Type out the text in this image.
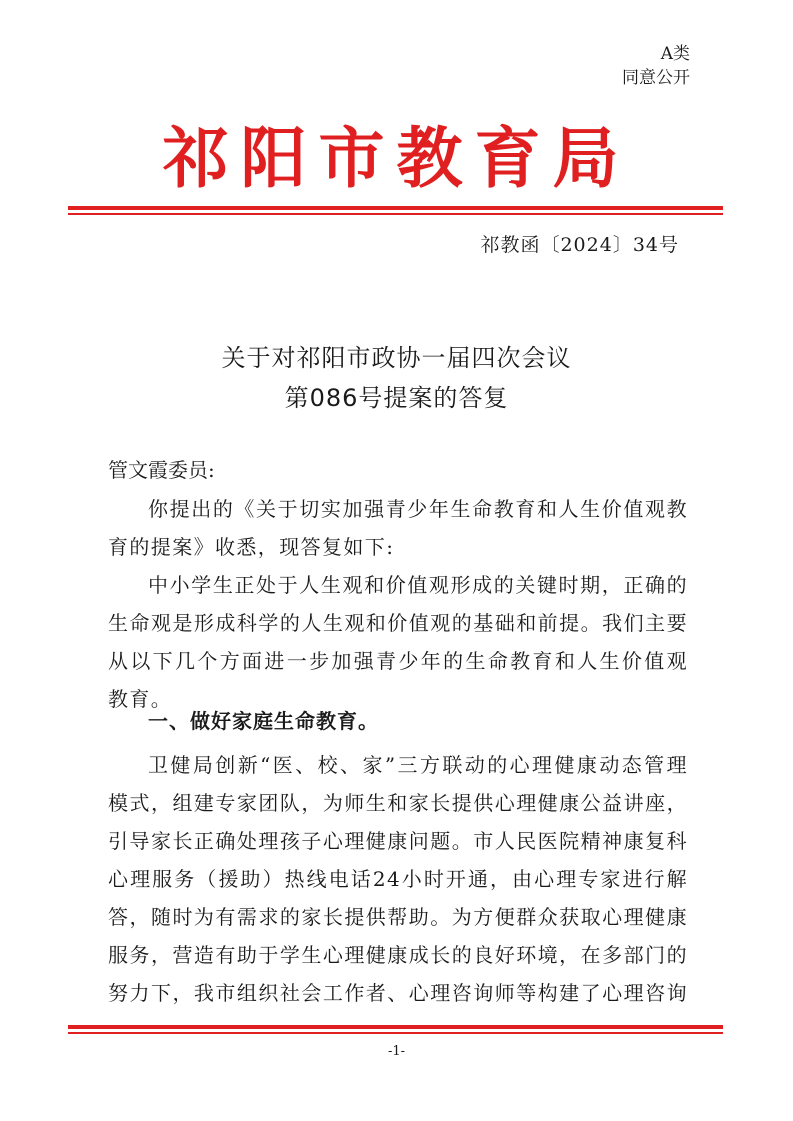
A类
同意公开
祁阳市教育局
祁教函〔2024〕34号
关于对祁阳市政协一届四次会议
第086号提案的答复
管文霞委员:
你提出的《关于切实加强青少年生命教育和人生价值观教
育的提案》收悉，现答复如下:
中小学生正处于人生观和价值观形成的关键时期，正确的
生命观是形成科学的人生观和价值观的基础和前提。我们主要
从以下几个方面进一步加强青少年的生命教育和人生价值观
教育。
一、做好家庭生命教育。
卫健局创新“医、校、家”三方联动的心理健康动态管理
模式，组建专家团队，为师生和家长提供心理健康公益讲座，
引导家长正确处理孩子心理健康问题。市人民医院精神康复科
心理服务（援助）热线电话24小时开通，由心理专家进行解
答，随时为有需求的家长提供帮助。为方便群众获取心理健康
服务，营造有助于学生心理健康成长的良好环境，在多部门的
努力下，我市组织社会工作者、心理咨询师等构建了心理咨询
-1-
